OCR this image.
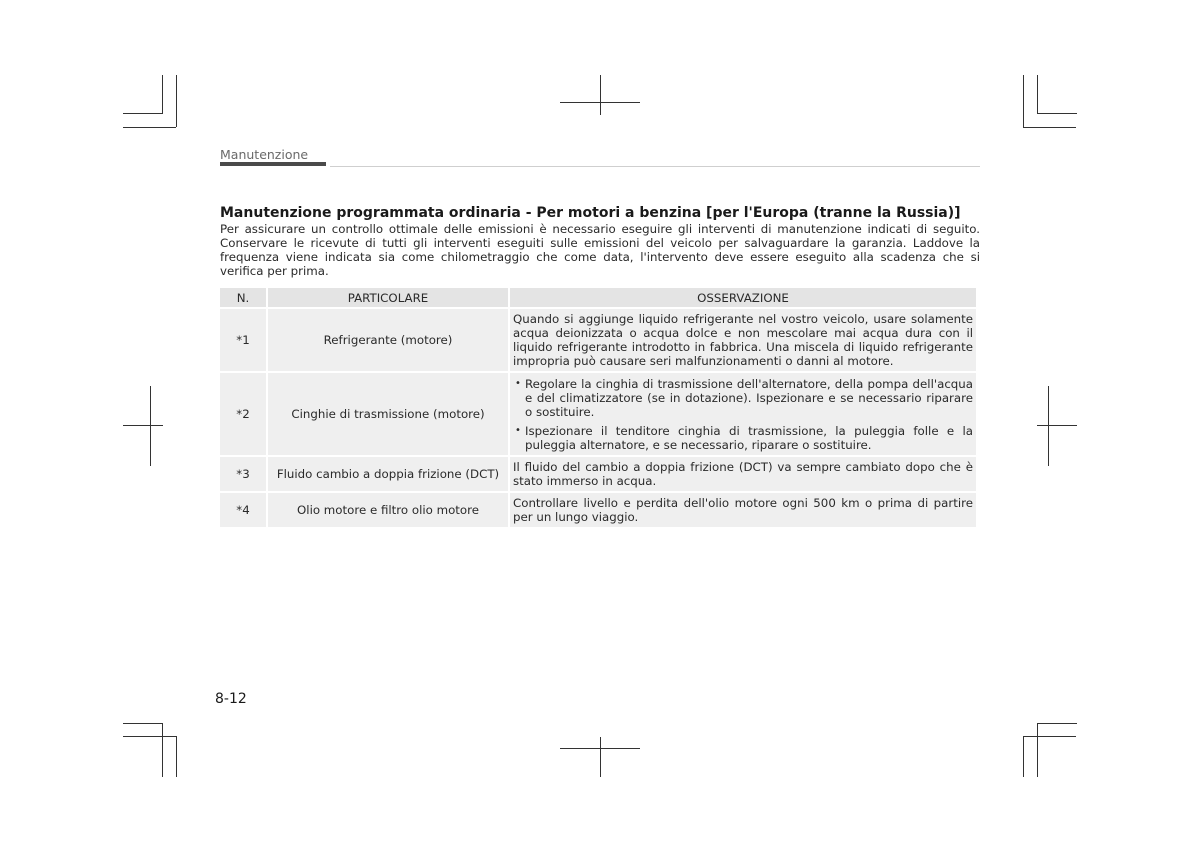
Manutenzione
Manutenzione programmata ordinaria - Per motori a benzina [per l'Europa (tranne la Russia)]
Per assicurare un controllo ottimale delle emissioni è necessario eseguire gli interventi di manutenzione indicati di seguito. Conservare le ricevute di tutti gli interventi eseguiti sulle emissioni del veicolo per salvaguardare la garanzia. Laddove la frequenza viene indicata sia come chilometraggio che come data, l'intervento deve essere eseguito alla scadenza che si verifica per prima.
N.	PARTICOLARE	OSSERVAZIONE
*1	Refrigerante (motore)	Quando si aggiunge liquido refrigerante nel vostro veicolo, usare solamente acqua deionizzata o acqua dolce e non mescolare mai acqua dura con il liquido refrigerante introdotto in fabbrica. Una miscela di liquido refrigerante impropria può causare seri malfunzionamenti o danni al motore.
*2	Cinghie di trasmissione (motore)	• Regolare la cinghia di trasmissione dell'alternatore, della pompa dell'acqua e del climatizzatore (se in dotazione). Ispezionare e se necessario riparare o sostituire.
• Ispezionare il tenditore cinghia di trasmissione, la puleggia folle e la puleggia alternatore, e se necessario, riparare o sostituire.

*3	Fluido cambio a doppia frizione (DCT)	Il fluido del cambio a doppia frizione (DCT) va sempre cambiato dopo che è stato immerso in acqua.
*4	Olio motore e filtro olio motore	Controllare livello e perdita dell'olio motore ogni 500 km o prima di partire per un lungo viaggio.
8-12
